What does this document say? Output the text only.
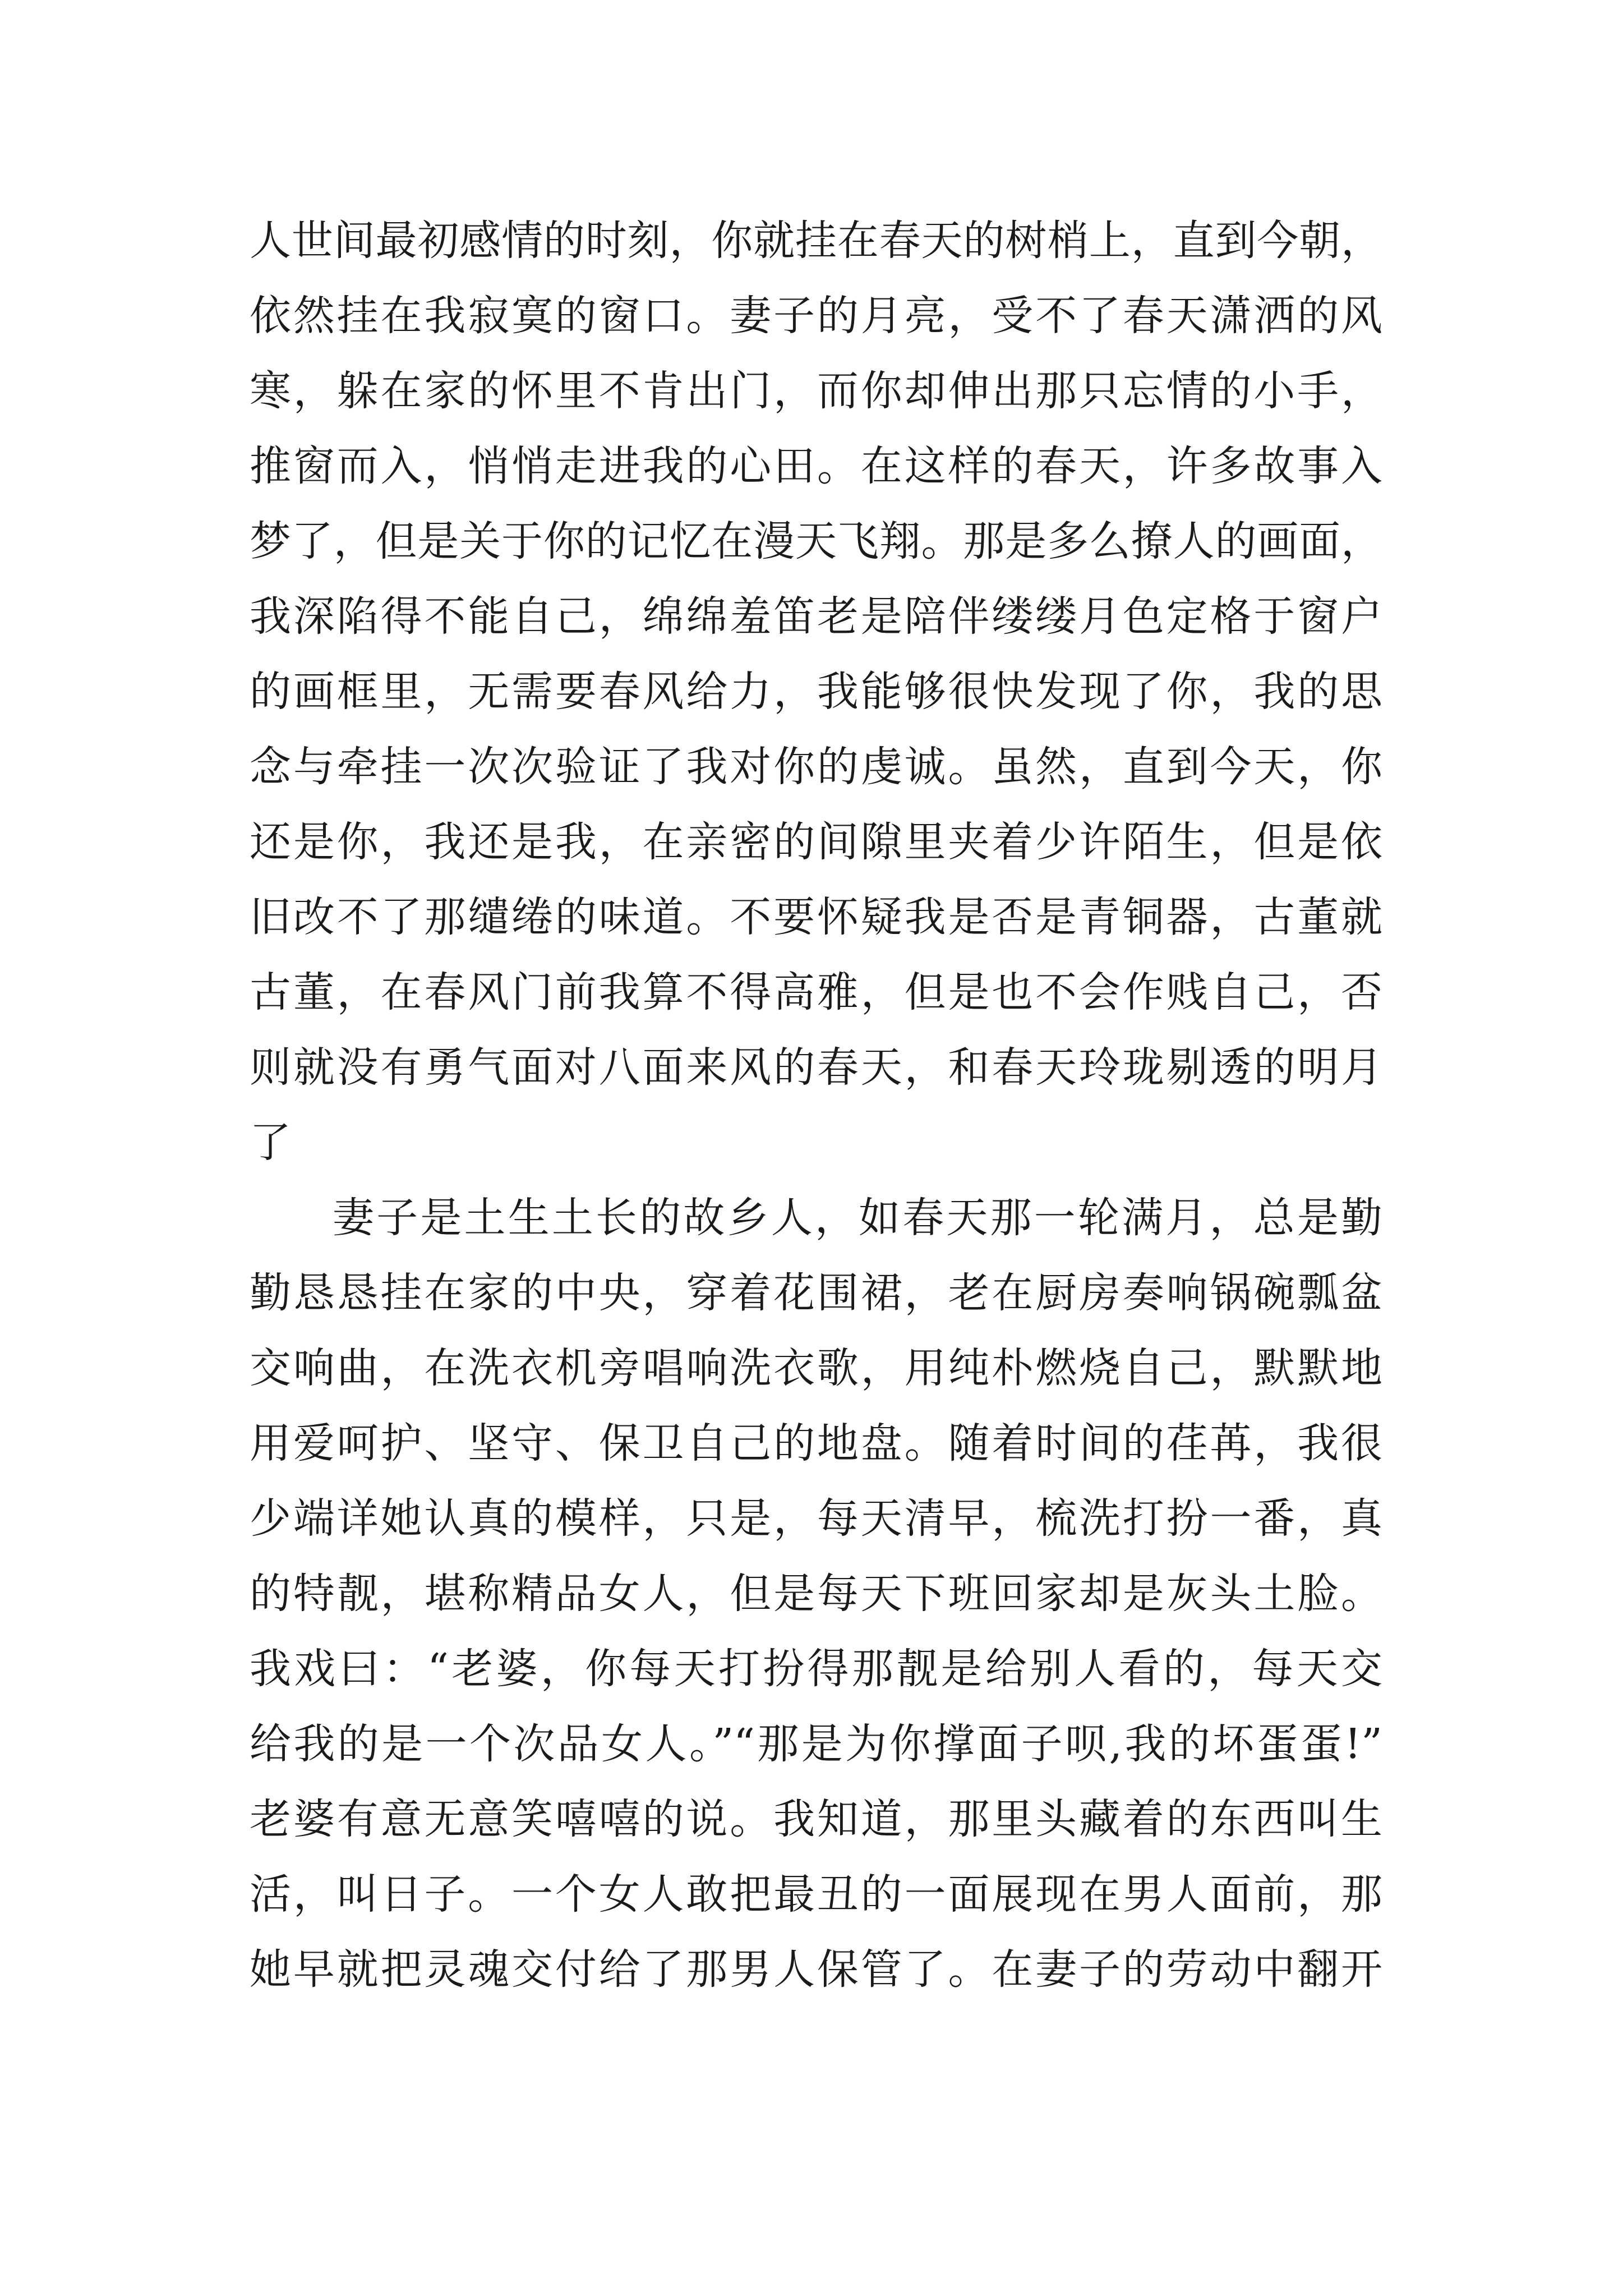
人世间最初感情的时刻，你就挂在春天的树梢上，直到今朝，
依然挂在我寂寞的窗口。妻子的月亮，受不了春天潇洒的风
寒，躲在家的怀里不肯出门，而你却伸出那只忘情的小手，
推窗而入，悄悄走进我的心田。在这样的春天，许多故事入
梦了，但是关于你的记忆在漫天飞翔。那是多么撩人的画面，
我深陷得不能自己，绵绵羞笛老是陪伴缕缕月色定格于窗户
的画框里，无需要春风给力，我能够很快发现了你，我的思
念与牵挂一次次验证了我对你的虔诚。虽然，直到今天，你
还是你，我还是我，在亲密的间隙里夹着少许陌生，但是依
旧改不了那缱绻的味道。不要怀疑我是否是青铜器，古董就
古董，在春风门前我算不得高雅，但是也不会作贱自己，否
则就没有勇气面对八面来风的春天，和春天玲珑剔透的明月
了
妻子是土生土长的故乡人，如春天那一轮满月，总是勤
勤恳恳挂在家的中央，穿着花围裙，老在厨房奏响锅碗瓢盆
交响曲，在洗衣机旁唱响洗衣歌，用纯朴燃烧自己，默默地
用爱呵护、坚守、保卫自己的地盘。随着时间的荏苒，我很
少端详她认真的模样，只是，每天清早，梳洗打扮一番，真
的特靓，堪称精品女人，但是每天下班回家却是灰头土脸。
我戏曰：“老婆，你每天打扮得那靓是给别人看的，每天交
给我的是一个次品女人。”“那是为你撑面子呗,我的坏蛋蛋!”
老婆有意无意笑嘻嘻的说。我知道，那里头藏着的东西叫生
活，叫日子。一个女人敢把最丑的一面展现在男人面前，那
她早就把灵魂交付给了那男人保管了。在妻子的劳动中翻开
